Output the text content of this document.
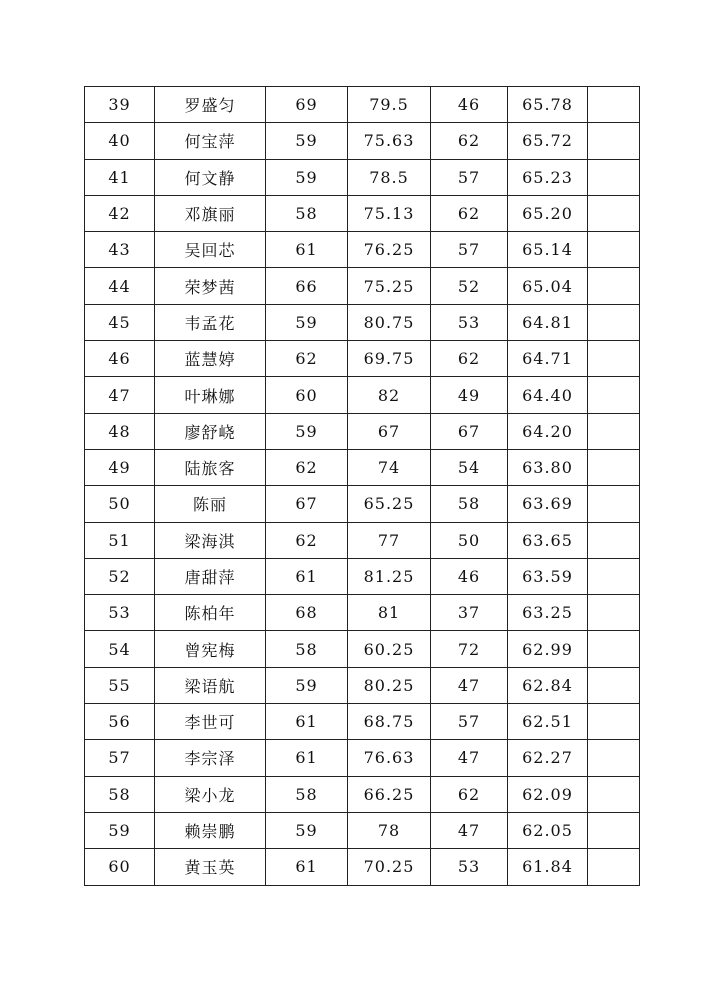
39	罗盛匀	69	79.5	46	65.78	
40	何宝萍	59	75.63	62	65.72	
41	何文静	59	78.5	57	65.23	
42	邓旗丽	58	75.13	62	65.20	
43	吴回芯	61	76.25	57	65.14	
44	荣梦茜	66	75.25	52	65.04	
45	韦孟花	59	80.75	53	64.81	
46	蓝慧婷	62	69.75	62	64.71	
47	叶琳娜	60	82	49	64.40	
48	廖舒峣	59	67	67	64.20	
49	陆旅客	62	74	54	63.80	
50	陈丽	67	65.25	58	63.69	
51	梁海淇	62	77	50	63.65	
52	唐甜萍	61	81.25	46	63.59	
53	陈柏年	68	81	37	63.25	
54	曾宪梅	58	60.25	72	62.99	
55	梁语航	59	80.25	47	62.84	
56	李世可	61	68.75	57	62.51	
57	李宗泽	61	76.63	47	62.27	
58	梁小龙	58	66.25	62	62.09	
59	赖崇鹏	59	78	47	62.05	
60	黄玉英	61	70.25	53	61.84	
